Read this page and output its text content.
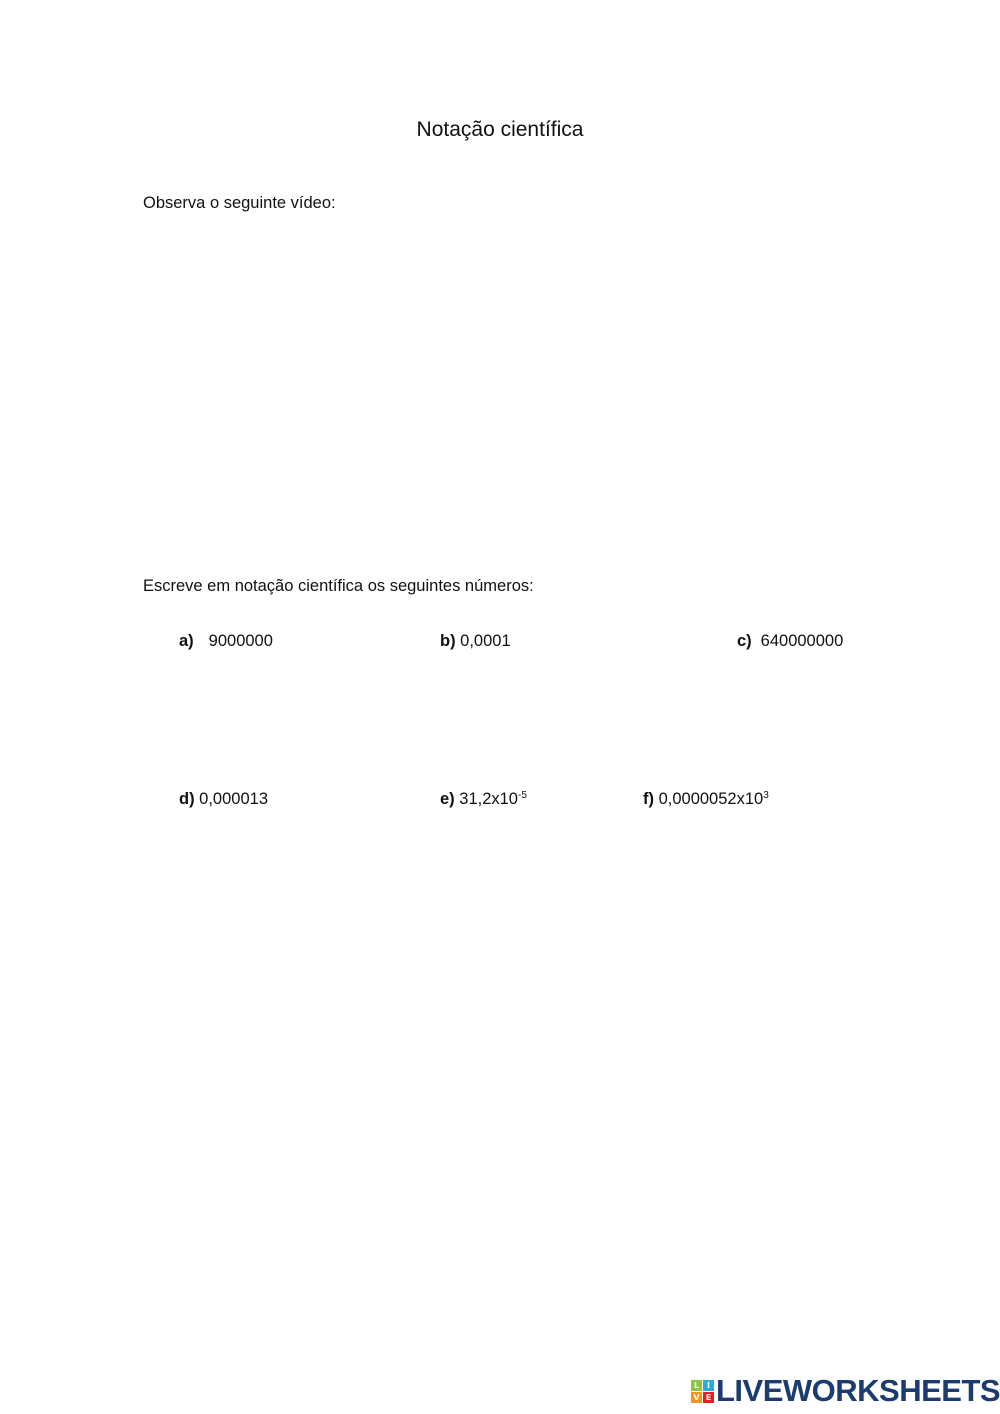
Notação científica
Observa o seguinte vídeo:
Escreve em notação científica os seguintes números:
a) 9000000	b) 0,0001	c) 640000000
d) 0,000013	e) $31,2x10^{-5}$	f) $0,0000052x10^3$
L I
V E LIVEWORKSHEETS
